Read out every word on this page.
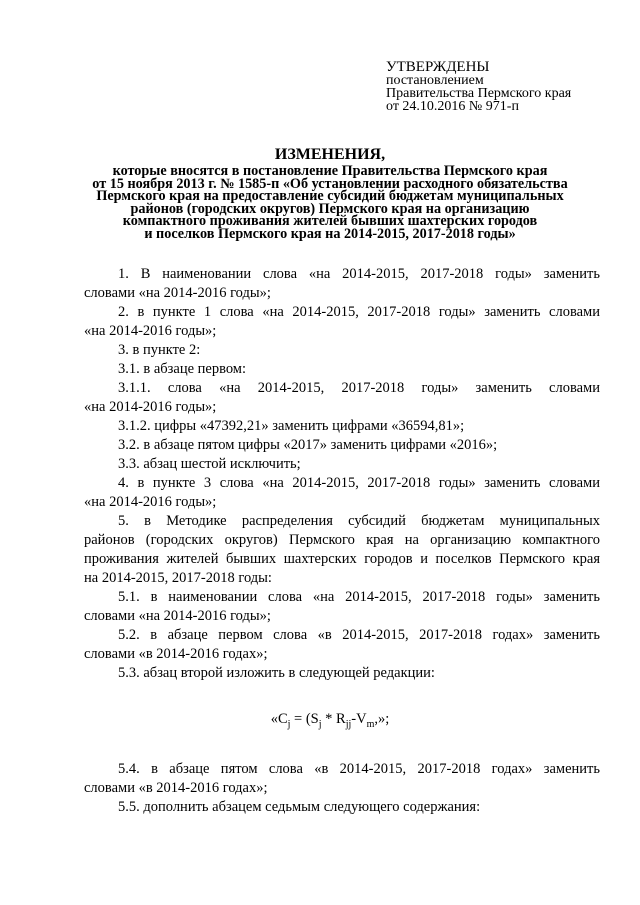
УТВЕРЖДЕНЫ
постановлением
Правительства Пермского края
от 24.10.2016 № 971-п
ИЗМЕНЕНИЯ,
которые вносятся в постановление Правительства Пермского края
от 15 ноября 2013 г. № 1585-п «Об установлении расходного обязательства
Пермского края на предоставление субсидий бюджетам муниципальных
районов (городских округов) Пермского края на организацию
компактного проживания жителей бывших шахтерских городов
и поселков Пермского края на 2014-2015, 2017-2018 годы»
1. В наименовании слова «на 2014-2015, 2017-2018 годы» заменить
словами «на 2014-2016 годы»;
2. в пункте 1 слова «на 2014-2015, 2017-2018 годы» заменить словами
«на 2014-2016 годы»;
3. в пункте 2:
3.1. в абзаце первом:
3.1.1. слова «на 2014-2015, 2017-2018 годы» заменить словами
«на 2014-2016 годы»;
3.1.2. цифры «47392,21» заменить цифрами «36594,81»;
3.2. в абзаце пятом цифры «2017» заменить цифрами «2016»;
3.3. абзац шестой исключить;
4. в пункте 3 слова «на 2014-2015, 2017-2018 годы» заменить словами
«на 2014-2016 годы»;
5. в Методике распределения субсидий бюджетам муниципальных
районов (городских округов) Пермского края на организацию компактного
проживания жителей бывших шахтерских городов и поселков Пермского края
на 2014-2015, 2017-2018 годы:
5.1. в наименовании слова «на 2014-2015, 2017-2018 годы» заменить
словами «на 2014-2016 годы»;
5.2. в абзаце первом слова «в 2014-2015, 2017-2018 годах» заменить
словами «в 2014-2016 годах»;
5.3. абзац второй изложить в следующей редакции:
«$C_j = (S_j * R_{jj}-V_m$,»;
5.4. в абзаце пятом слова «в 2014-2015, 2017-2018 годах» заменить
словами «в 2014-2016 годах»;
5.5. дополнить абзацем седьмым следующего содержания:
